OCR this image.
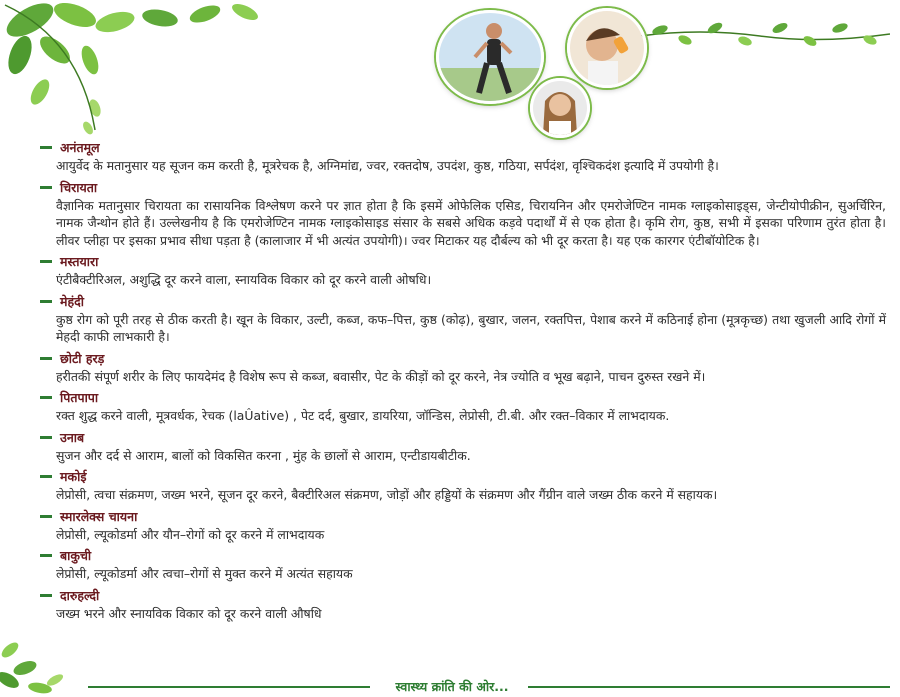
अनंतमूल
आयुर्वेद के मतानुसार यह सूजन कम करती है, मूत्ररेचक है, अग्निमांद्य, ज्वर, रक्तदोष, उपदंश, कुष्ठ, गठिया, सर्पदंश, वृश्चिकदंश इत्यादि में उपयोगी है।
चिरायता
वैज्ञानिक मतानुसार चिरायता का रासायनिक विश्लेषण करने पर ज्ञात होता है कि इसमें ओफेलिक एसिड, चिरायनिन और एमरोजेण्टिन नामक ग्लाइकोसाइड्स, जेन्टीयोपीक्रीन, सुअर्चिरिन, नामक जैन्थोन होते हैं। उल्लेखनीय है कि एमरोजेण्टिन नामक ग्लाइकोसाइड संसार के सबसे अधिक कड़वे पदार्थों में से एक होता है। कृमि रोग, कुष्ठ, सभी में इसका परिणाम तुरंत होता है। लीवर प्लीहा पर इसका प्रभाव सीधा पड़ता है (कालाजार में भी अत्यंत उपयोगी)। ज्वर मिटाकर यह दौर्बल्य को भी दूर करता है। यह एक कारगर एंटीबॉयोटिक है।
मस्तयारा
एंटीबैक्टीरिअल, अशुद्धि दूर करने वाला, स्नायविक विकार को दूर करने वाली ओषधि।
मेहंदी
कुष्ठ रोग को पूरी तरह से ठीक करती है। खून के विकार, उल्टी, कब्ज, कफ–पित्त, कुष्ठ (कोढ़), बुखार, जलन, रक्तपित्त, पेशाब करने में कठिनाई होना (मूत्रकृच्छ) तथा खुजली आदि रोगों में मेहदी काफी लाभकारी है।
छोटी हरड़
हरीतकी संपूर्ण शरीर के लिए फायदेमंद है विशेष रूप से कब्ज, बवासीर, पेट के कीड़ों को दूर करने, नेत्र ज्योति व भूख बढ़ाने, पाचन दुरुस्त रखने में।
पितपापा
रक्त शुद्ध करने वाली, मूत्रवर्धक, रेचक (laÛative) , पेट दर्द, बुखार, डायरिया, जॉन्डिस, लेप्रोसी, टी.बी. और रक्त–विकार में लाभदायक.
उनाब
सुजन और दर्द से आराम, बालों को विकसित करना , मुंह के छालों से आराम, एन्टीडायबीटीक.
मकोई
लेप्रोसी, त्वचा संक्रमण, जख्म भरने, सूजन दूर करने, बैक्टीरिअल संक्रमण, जोड़ों और हड्डियों के संक्रमण और गैंग्रीन वाले जख्म ठीक करने में सहायक।
स्मारलेक्स चायना
लेप्रोसी, ल्यूकोडर्मा और यौन–रोगों को दूर करने में लाभदायक
बाकुची
लेप्रोसी, ल्यूकोडर्मा और त्वचा–रोगों से मुक्त करने में अत्यंत सहायक
दारुहल्दी
जख्म भरने और स्नायविक विकार को दूर करने वाली औषधि
स्वास्थ्य क्रांति की ओर...
